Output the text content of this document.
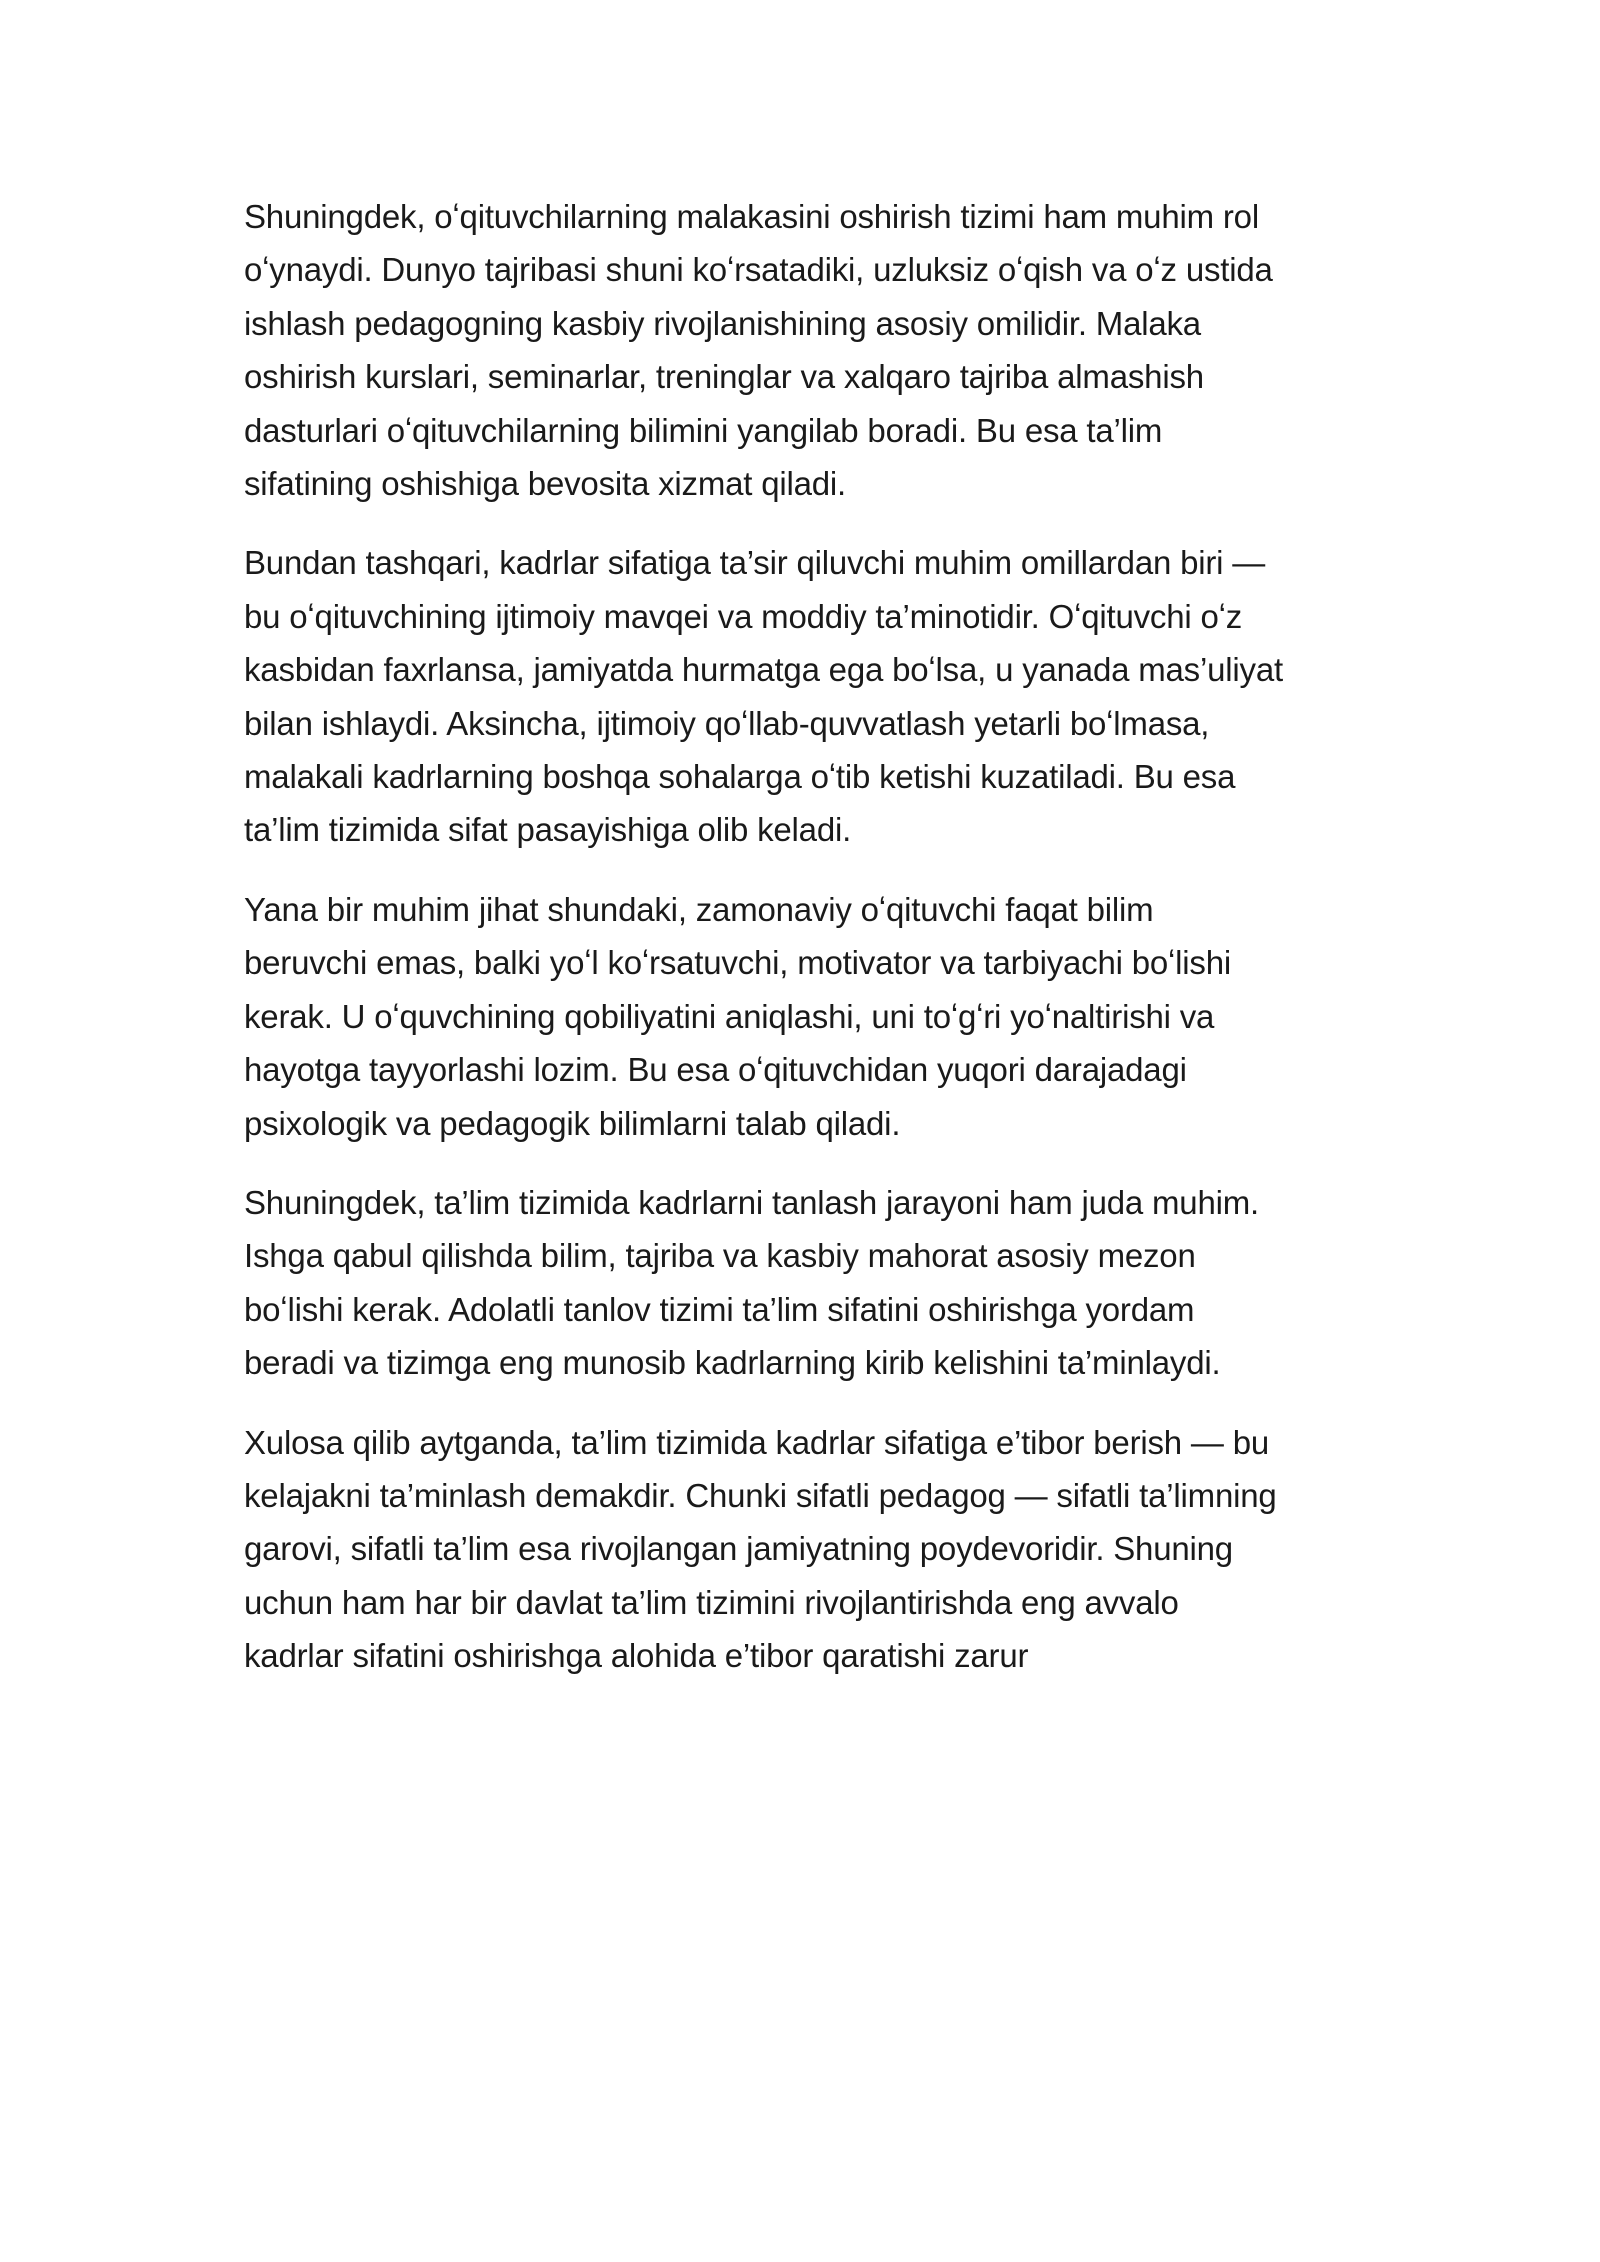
Shuningdek, oʻqituvchilarning malakasini oshirish tizimi ham muhim rol
oʻynaydi. Dunyo tajribasi shuni koʻrsatadiki, uzluksiz oʻqish va oʻz ustida
ishlash pedagogning kasbiy rivojlanishining asosiy omilidir. Malaka
oshirish kurslari, seminarlar, treninglar va xalqaro tajriba almashish
dasturlari oʻqituvchilarning bilimini yangilab boradi. Bu esa ta’lim
sifatining oshishiga bevosita xizmat qiladi.

Bundan tashqari, kadrlar sifatiga ta’sir qiluvchi muhim omillardan biri —
bu oʻqituvchining ijtimoiy mavqei va moddiy ta’minotidir. Oʻqituvchi oʻz
kasbidan faxrlansa, jamiyatda hurmatga ega boʻlsa, u yanada mas’uliyat
bilan ishlaydi. Aksincha, ijtimoiy qoʻllab-quvvatlash yetarli boʻlmasa,
malakali kadrlarning boshqa sohalarga oʻtib ketishi kuzatiladi. Bu esa
ta’lim tizimida sifat pasayishiga olib keladi.

Yana bir muhim jihat shundaki, zamonaviy oʻqituvchi faqat bilim
beruvchi emas, balki yoʻl koʻrsatuvchi, motivator va tarbiyachi boʻlishi
kerak. U oʻquvchining qobiliyatini aniqlashi, uni toʻgʻri yoʻnaltirishi va
hayotga tayyorlashi lozim. Bu esa oʻqituvchidan yuqori darajadagi
psixologik va pedagogik bilimlarni talab qiladi.

Shuningdek, ta’lim tizimida kadrlarni tanlash jarayoni ham juda muhim.
Ishga qabul qilishda bilim, tajriba va kasbiy mahorat asosiy mezon
boʻlishi kerak. Adolatli tanlov tizimi ta’lim sifatini oshirishga yordam
beradi va tizimga eng munosib kadrlarning kirib kelishini ta’minlaydi.

Xulosa qilib aytganda, ta’lim tizimida kadrlar sifatiga e’tibor berish — bu
kelajakni ta’minlash demakdir. Chunki sifatli pedagog — sifatli ta’limning
garovi, sifatli ta’lim esa rivojlangan jamiyatning poydevoridir. Shuning
uchun ham har bir davlat ta’lim tizimini rivojlantirishda eng avvalo
kadrlar sifatini oshirishga alohida e’tibor qaratishi zarur
